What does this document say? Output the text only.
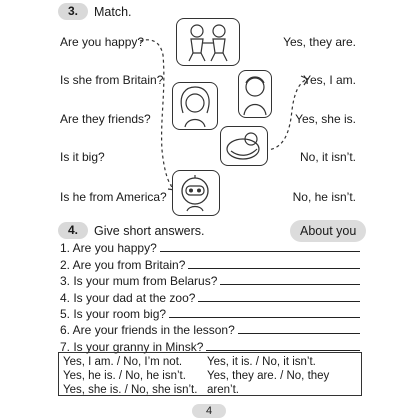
3.	Match.
Are you happy?
Is she from Britain?
Are they friends?
Is it big?
Is he from America?
Yes, they are.
Yes, I am.
Yes, she is.
No, it isn’t.
No, he isn’t.
4.	Give short answers.	About you
1. Are you happy?
2. Are you from Britain?
3. Is your mum from Belarus?
4. Is your dad at the zoo?
5. Is your room big?
6. Are your friends in the lesson?
7. Is your granny in Minsk?
Yes, I am. / No, I’m not.
Yes, he is. / No, he isn’t.
Yes, she is. / No, she isn’t.
Yes, it is. / No, it isn’t.
Yes, they are. / No, they aren’t.
4
